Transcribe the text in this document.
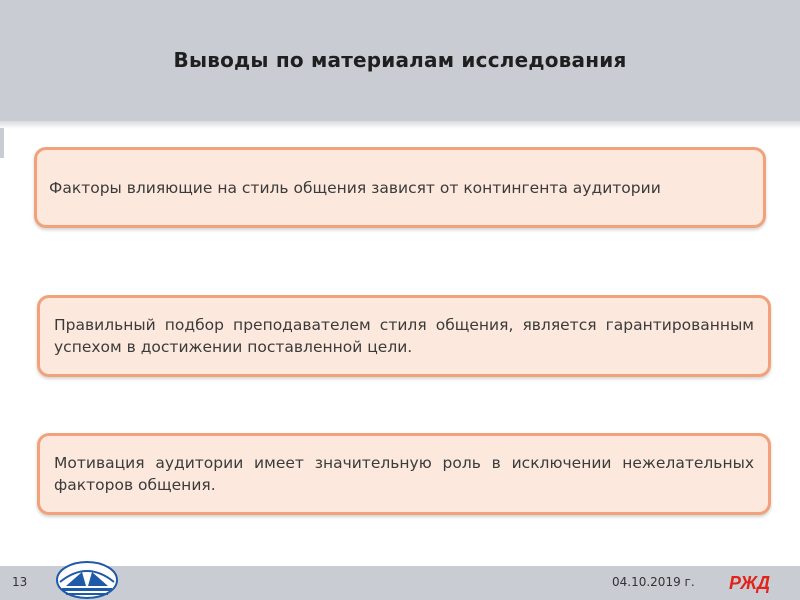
Выводы по материалам исследования
Факторы влияющие на стиль общения зависят от контингента аудитории
Правильный подбор преподавателем стиля общения, является гарантированным успехом в достижении поставленной цели.
Мотивация аудитории имеет значительную роль в исключении нежелательных факторов общения.
13	04.10.2019 г. РЖД
